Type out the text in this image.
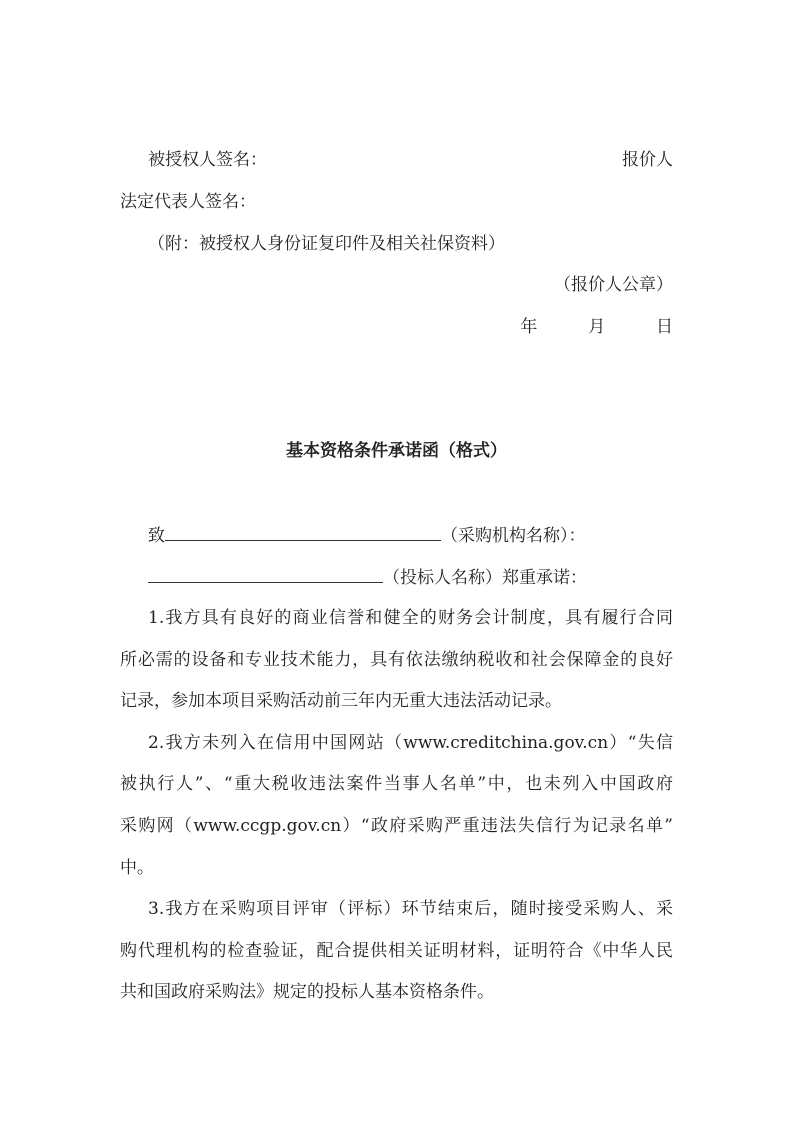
被授权人签名：	报价人
法定代表人签名：
（附：被授权人身份证复印件及相关社保资料）
（报价人公章）
年	月	日
基本资格条件承诺函（格式）
致	（采购机构名称）：
（投标人名称）郑重承诺：
1.我方具有良好的商业信誉和健全的财务会计制度，具有履行合同
所必需的设备和专业技术能力，具有依法缴纳税收和社会保障金的良好
记录，参加本项目采购活动前三年内无重大违法活动记录。
2.我方未列入在信用中国网站（www.creditchina.gov.cn）“失信
被执行人”、“重大税收违法案件当事人名单”中，也未列入中国政府
采购网（www.ccgp.gov.cn）“政府采购严重违法失信行为记录名单”
中。
3.我方在采购项目评审（评标）环节结束后，随时接受采购人、采
购代理机构的检查验证，配合提供相关证明材料，证明符合《中华人民
共和国政府采购法》规定的投标人基本资格条件。
